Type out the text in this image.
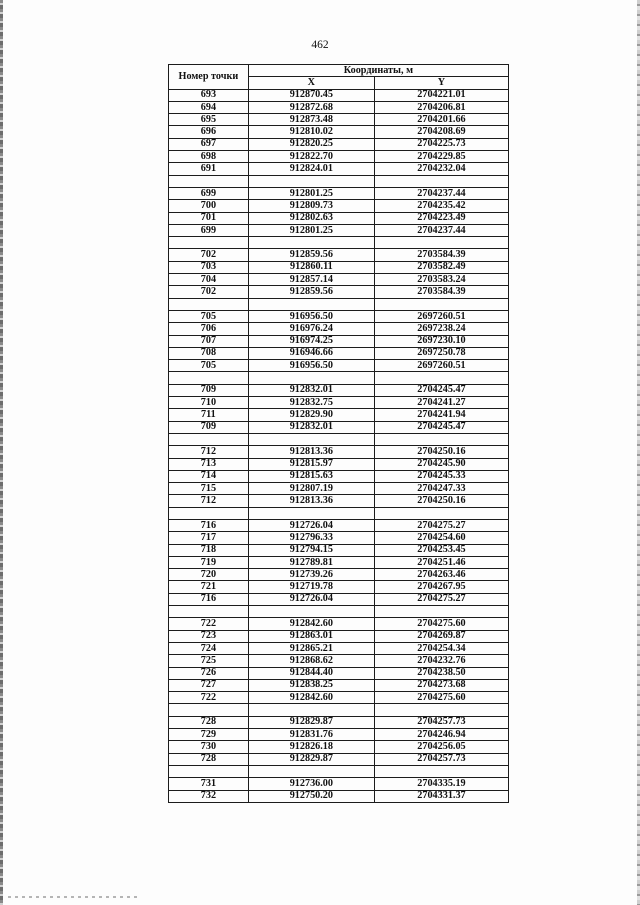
462
Номер точки	Координаты, м	
	X	Y
693	912870.45	2704221.01
694	912872.68	2704206.81
695	912873.48	2704201.66
696	912810.02	2704208.69
697	912820.25	2704225.73
698	912822.70	2704229.85
691	912824.01	2704232.04

699	912801.25	2704237.44
700	912809.73	2704235.42
701	912802.63	2704223.49
699	912801.25	2704237.44

702	912859.56	2703584.39
703	912860.11	2703582.49
704	912857.14	2703583.24
702	912859.56	2703584.39

705	916956.50	2697260.51
706	916976.24	2697238.24
707	916974.25	2697230.10
708	916946.66	2697250.78
705	916956.50	2697260.51

709	912832.01	2704245.47
710	912832.75	2704241.27
711	912829.90	2704241.94
709	912832.01	2704245.47

712	912813.36	2704250.16
713	912815.97	2704245.90
714	912815.63	2704245.33
715	912807.19	2704247.33
712	912813.36	2704250.16

716	912726.04	2704275.27
717	912796.33	2704254.60
718	912794.15	2704253.45
719	912789.81	2704251.46
720	912739.26	2704263.46
721	912719.78	2704267.95
716	912726.04	2704275.27

722	912842.60	2704275.60
723	912863.01	2704269.87
724	912865.21	2704254.34
725	912868.62	2704232.76
726	912844.40	2704238.50
727	912838.25	2704273.68
722	912842.60	2704275.60

728	912829.87	2704257.73
729	912831.76	2704246.94
730	912826.18	2704256.05
728	912829.87	2704257.73

731	912736.00	2704335.19
732	912750.20	2704331.37
